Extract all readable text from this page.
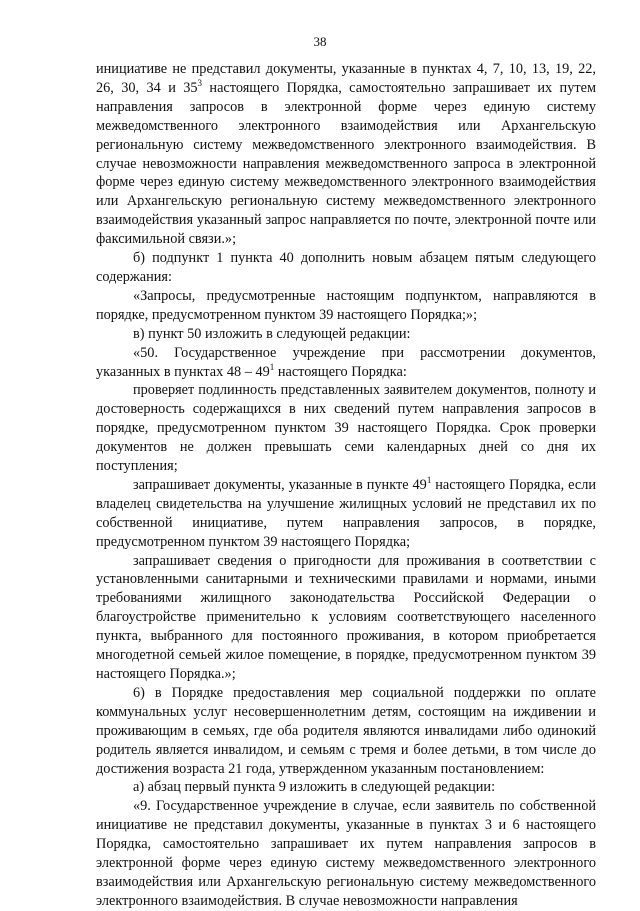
38

инициативе не представил документы, указанные в пунктах 4, 7, 10, 13, 19, 22, 26, 30, 34 и $35^3$ настоящего Порядка, самостоятельно запрашивает их путем направления запросов в электронной форме через единую систему межведомственного электронного взаимодействия или Архангельскую региональную систему межведомственного электронного взаимодействия. В случае невозможности направления межведомственного запроса в электронной форме через единую систему межведомственного электронного взаимодействия или Архангельскую региональную систему межведомственного электронного взаимодействия указанный запрос направляется по почте, электронной почте или факсимильной связи.»;

б) подпункт 1 пункта 40 дополнить новым абзацем пятым следующего содержания:

«Запросы, предусмотренные настоящим подпунктом, направляются в порядке, предусмотренном пунктом 39 настоящего Порядка;»;

в) пункт 50 изложить в следующей редакции:

«50. Государственное учреждение при рассмотрении документов, указанных в пунктах $48 - 49^1$ настоящего Порядка:

проверяет подлинность представленных заявителем документов, полноту и достоверность содержащихся в них сведений путем направления запросов в порядке, предусмотренном пунктом 39 настоящего Порядка. Срок проверки документов не должен превышать семи календарных дней со дня их поступления;

запрашивает документы, указанные в пункте $49^1$ настоящего Порядка, если владелец свидетельства на улучшение жилищных условий не представил их по собственной инициативе, путем направления запросов, в порядке, предусмотренном пунктом 39 настоящего Порядка;

запрашивает сведения о пригодности для проживания в соответствии с установленными санитарными и техническими правилами и нормами, иными требованиями жилищного законодательства Российской Федерации о благоустройстве применительно к условиям соответствующего населенного пункта, выбранного для постоянного проживания, в котором приобретается многодетной семьей жилое помещение, в порядке, предусмотренном пунктом 39 настоящего Порядка.»;

6) в Порядке предоставления мер социальной поддержки по оплате коммунальных услуг несовершеннолетним детям, состоящим на иждивении и проживающим в семьях, где оба родителя являются инвалидами либо одинокий родитель является инвалидом, и семьям с тремя и более детьми, в том числе до достижения возраста 21 года, утвержденном указанным постановлением:

а) абзац первый пункта 9 изложить в следующей редакции:

«9. Государственное учреждение в случае, если заявитель по собственной инициативе не представил документы, указанные в пунктах 3 и 6 настоящего Порядка, самостоятельно запрашивает их путем направления запросов в электронной форме через единую систему межведомственного электронного взаимодействия или Архангельскую региональную систему межведомственного электронного взаимодействия. В случае невозможности направления
